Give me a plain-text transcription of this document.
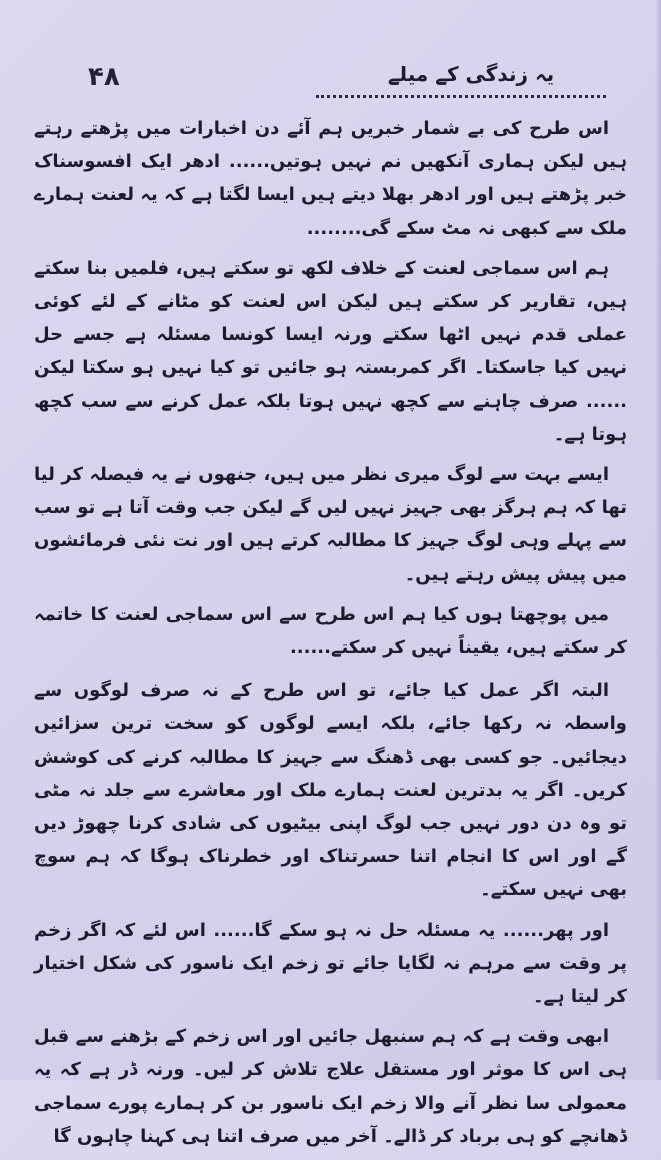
۴۸	یہ زندگی کے میلے

اس طرح کی بے شمار خبریں ہم آئے دن اخبارات میں پڑھتے رہتے ہیں لیکن ہماری آنکھیں نم نہیں ہوتیں...... ادھر ایک افسوسناک خبر پڑھتے ہیں اور ادھر بھلا دیتے ہیں ایسا لگتا ہے کہ یہ لعنت ہمارے ملک سے کبھی نہ مٹ سکے گی........

ہم اس سماجی لعنت کے خلاف لکھ تو سکتے ہیں، فلمیں بنا سکتے ہیں، تقاریر کر سکتے ہیں لیکن اس لعنت کو مٹانے کے لئے کوئی عملی قدم نہیں اٹھا سکتے ورنہ ایسا کونسا مسئلہ ہے جسے حل نہیں کیا جاسکتا۔ اگر کمربستہ ہو جائیں تو کیا نہیں ہو سکتا لیکن ...... صرف چاہنے سے کچھ نہیں ہوتا بلکہ عمل کرنے سے سب کچھ ہوتا ہے۔

ایسے بہت سے لوگ میری نظر میں ہیں، جنھوں نے یہ فیصلہ کر لیا تھا کہ ہم ہرگز بھی جہیز نہیں لیں گے لیکن جب وقت آتا ہے تو سب سے پہلے وہی لوگ جہیز کا مطالبہ کرتے ہیں اور نت نئی فرمائشوں میں پیش پیش رہتے ہیں۔

میں پوچھتا ہوں کیا ہم اس طرح سے اس سماجی لعنت کا خاتمہ کر سکتے ہیں، یقیناً نہیں کر سکتے......

البتہ اگر عمل کیا جائے، تو اس طرح کے نہ صرف لوگوں سے واسطہ نہ رکھا جائے، بلکہ ایسے لوگوں کو سخت ترین سزائیں دیجائیں۔ جو کسی بھی ڈھنگ سے جہیز کا مطالبہ کرنے کی کوشش کریں۔ اگر یہ بدترین لعنت ہمارے ملک اور معاشرے سے جلد نہ مٹی تو وہ دن دور نہیں جب لوگ اپنی بیٹیوں کی شادی کرنا چھوڑ دیں گے اور اس کا انجام اتنا حسرتناک اور خطرناک ہوگا کہ ہم سوچ بھی نہیں سکتے۔

اور پھر...... یہ مسئلہ حل نہ ہو سکے گا...... اس لئے کہ اگر زخم پر وقت سے مرہم نہ لگایا جائے تو زخم ایک ناسور کی شکل اختیار کر لیتا ہے۔

ابھی وقت ہے کہ ہم سنبھل جائیں اور اس زخم کے بڑھنے سے قبل ہی اس کا موثر اور مستقل علاج تلاش کر لیں۔ ورنہ ڈر ہے کہ یہ معمولی سا نظر آنے والا زخم ایک ناسور بن کر ہمارے پورے سماجی ڈھانچے کو ہی برباد کر ڈالے۔ آخر میں صرف اتنا ہی کہنا چاہوں گا
